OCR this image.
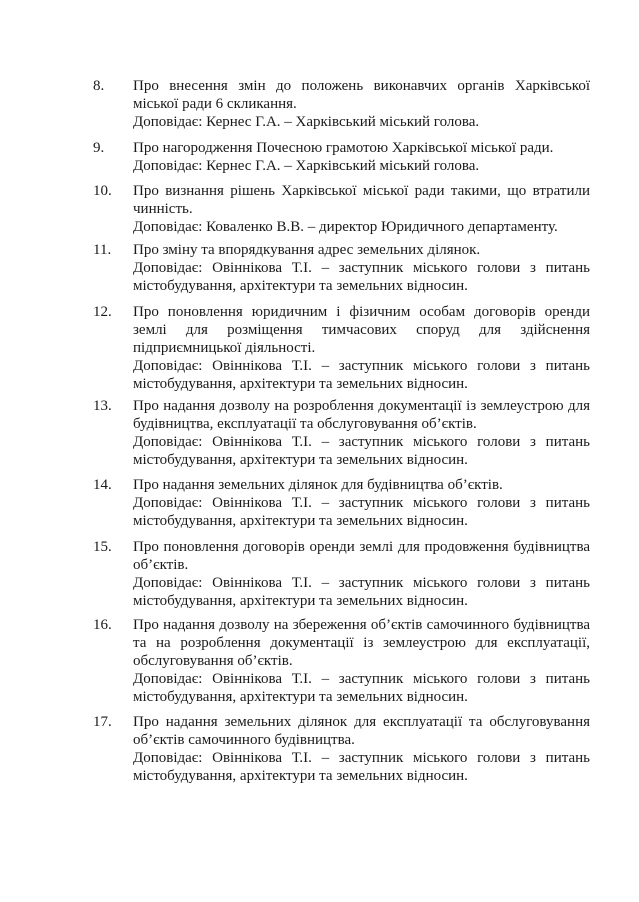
8. Про внесення змін до положень виконавчих органів Харківської міської ради 6 скликання.
Доповідає: Кернес Г.А. – Харківський міський голова.
9. Про нагородження Почесною грамотою Харківської міської ради.
Доповідає: Кернес Г.А. – Харківський міський голова.
10. Про визнання рішень Харківської міської ради такими, що втратили чинність.
Доповідає: Коваленко В.В. – директор Юридичного департаменту.
11. Про зміну та впорядкування адрес земельних ділянок.
Доповідає: Овіннікова Т.І. – заступник міського голови з питань містобудування, архітектури та земельних відносин.
12. Про поновлення юридичним і фізичним особам договорів оренди землі для розміщення тимчасових споруд для здійснення підприємницької діяльності.
Доповідає: Овіннікова Т.І. – заступник міського голови з питань містобудування, архітектури та земельних відносин.
13. Про надання дозволу на розроблення документації із землеустрою для будівництва, експлуатації та обслуговування об’єктів.
Доповідає: Овіннікова Т.І. – заступник міського голови з питань містобудування, архітектури та земельних відносин.
14. Про надання земельних ділянок для будівництва об’єктів.
Доповідає: Овіннікова Т.І. – заступник міського голови з питань містобудування, архітектури та земельних відносин.
15. Про поновлення договорів оренди землі для продовження будівництва об’єктів.
Доповідає: Овіннікова Т.І. – заступник міського голови з питань містобудування, архітектури та земельних відносин.
16. Про надання дозволу на збереження об’єктів самочинного будівництва та на розроблення документації із землеустрою для експлуатації, обслуговування об’єктів.
Доповідає: Овіннікова Т.І. – заступник міського голови з питань містобудування, архітектури та земельних відносин.
17. Про надання земельних ділянок для експлуатації та обслуговування об’єктів самочинного будівництва.
Доповідає: Овіннікова Т.І. – заступник міського голови з питань містобудування, архітектури та земельних відносин.
